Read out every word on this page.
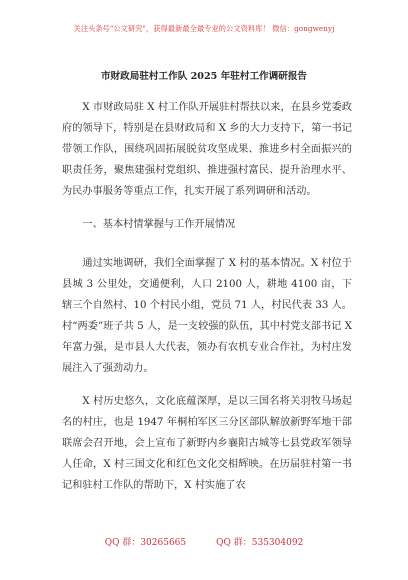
关注头条号"公文研究"，获得最新最全最专业的公文资料库！ 微信：gongwenyj
市财政局驻村工作队 2025 年驻村工作调研报告

X 市财政局驻 X 村工作队开展驻村帮扶以来，在县乡党委政府的领导下，特别是在县财政局和 X 乡的大力支持下，第一书记带领工作队，围绕巩固拓展脱贫攻坚成果、推进乡村全面振兴的职责任务，聚焦建强村党组织、推进强村富民、提升治理水平、为民办事服务等重点工作，扎实开展了系列调研和活动。

一、基本村情掌握与工作开展情况

通过实地调研，我们全面掌握了 X 村的基本情况。X 村位于县城 3 公里处，交通便利，人口 2100 人，耕地 4100 亩，下辖三个自然村、10 个村民小组，党员 71 人，村民代表 33 人。村“两委”班子共 5 人，是一支较强的队伍，其中村党支部书记 X 年富力强，是市县人大代表，领办有农机专业合作社，为村庄发展注入了强劲动力。

X 村历史悠久，文化底蕴深厚，是以三国名将关羽牧马场起名的村庄，也是 1947 年桐柏军区三分区部队解放新野军地干部联席会召开地，会上宣布了新野内乡襄阳古城等七县党政军领导人任命，X 村三国文化和红色文化交相辉映。在历届驻村第一书记和驻村工作队的帮助下，X 村实施了农

QQ 群：30265665	QQ 群：535304092
